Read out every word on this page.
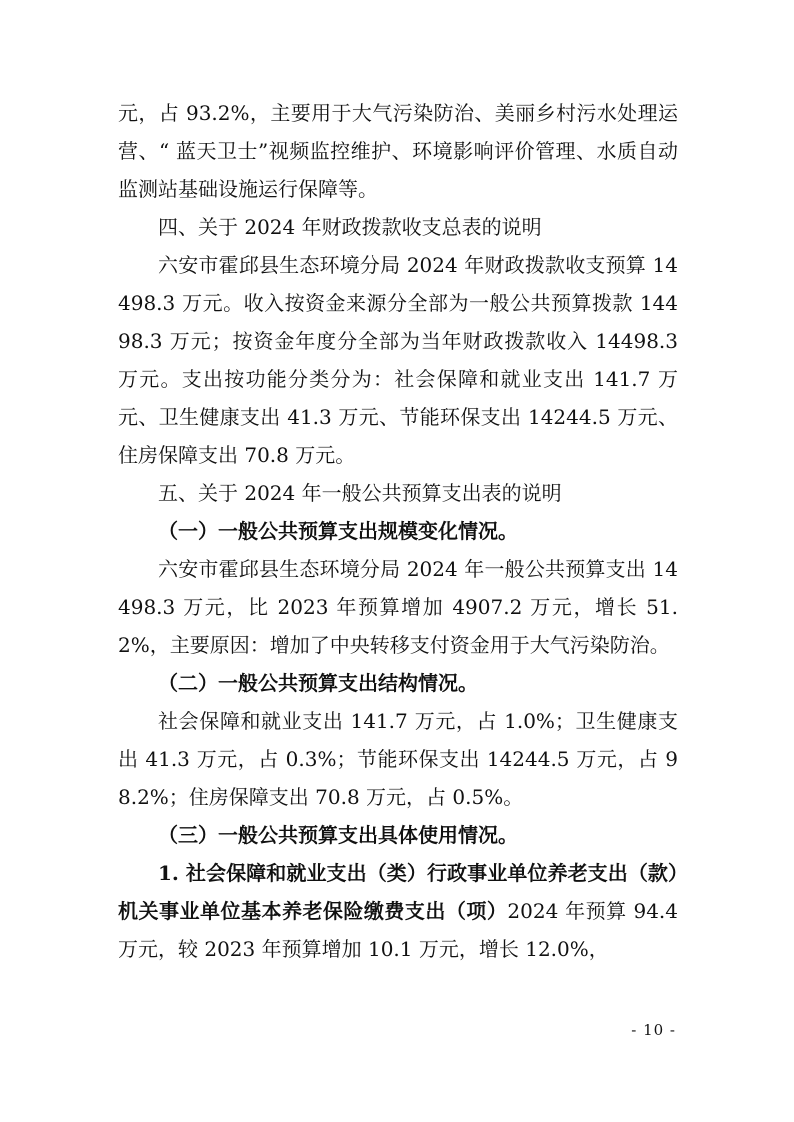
元，占 93.2%，主要用于大气污染防治、美丽乡村污水处理运营、“ 蓝天卫士”视频监控维护、环境影响评价管理、水质自动监测站基础设施运行保障等。

四、关于 2024 年财政拨款收支总表的说明

六安市霍邱县生态环境分局 2024 年财政拨款收支预算 14498.3 万元。收入按资金来源分全部为一般公共预算拨款 14498.3 万元；按资金年度分全部为当年财政拨款收入 14498.3 万元。支出按功能分类分为：社会保障和就业支出 141.7 万元、卫生健康支出 41.3 万元、节能环保支出 14244.5 万元、住房保障支出 70.8 万元。

五、关于 2024 年一般公共预算支出表的说明

（一）一般公共预算支出规模变化情况。

六安市霍邱县生态环境分局 2024 年一般公共预算支出 14498.3 万元，比 2023 年预算增加 4907.2 万元，增长 51.2%，主要原因：增加了中央转移支付资金用于大气污染防治。

（二）一般公共预算支出结构情况。

社会保障和就业支出 141.7 万元，占 1.0%；卫生健康支出 41.3 万元，占 0.3%；节能环保支出 14244.5 万元，占 98.2%；住房保障支出 70.8 万元，占 0.5%。

（三）一般公共预算支出具体使用情况。

1. 社会保障和就业支出（类）行政事业单位养老支出（款）机关事业单位基本养老保险缴费支出（项）2024 年预算 94.4 万元，较 2023 年预算增加 10.1 万元，增长 12.0%，

- 10 -
